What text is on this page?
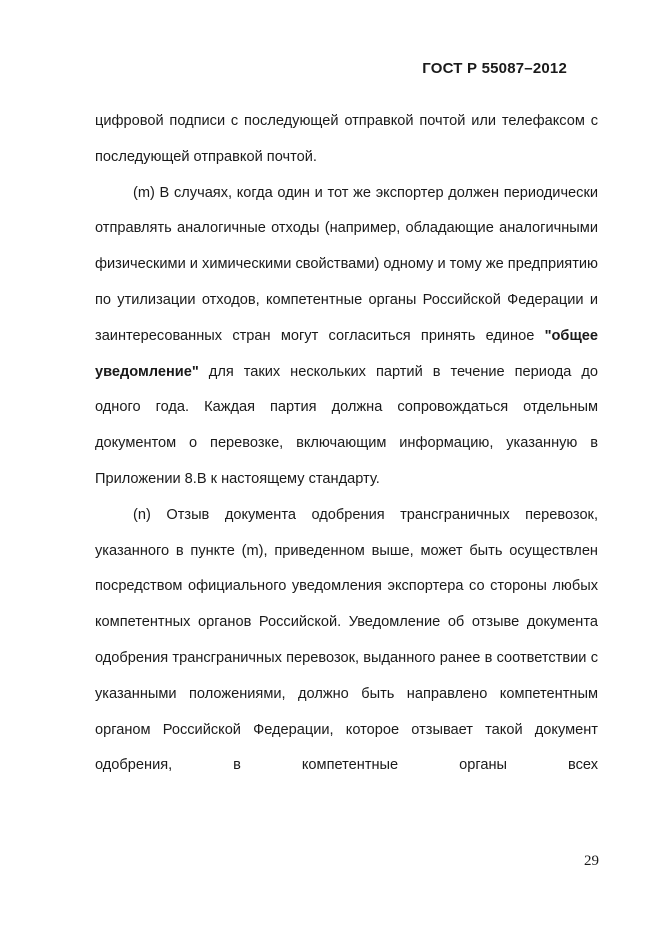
ГОСТ Р 55087–2012

цифровой подписи с последующей отправкой почтой или телефаксом с последующей отправкой почтой.

(m) В случаях, когда один и тот же экспортер должен периодически отправлять аналогичные отходы (например, обладающие аналогичными физическими и химическими свойствами) одному и тому же предприятию по утилизации отходов, компетентные органы Российской Федерации и заинтересованных стран могут согласиться принять единое "общее уведомление" для таких нескольких партий в течение периода до одного года. Каждая партия должна сопровождаться отдельным документом о перевозке, включающим информацию, указанную в Приложении 8.В к настоящему стандарту.

(n) Отзыв документа одобрения трансграничных перевозок, указанного в пункте (m), приведенном выше, может быть осуществлен посредством официального уведомления экспортера со стороны любых компетентных органов Российской. Уведомление об отзыве документа одобрения трансграничных перевозок, выданного ранее в соответствии с указанными положениями, должно быть направлено компетентным органом Российской Федерации, которое отзывает такой документ одобрения, в компетентные органы всех

29
